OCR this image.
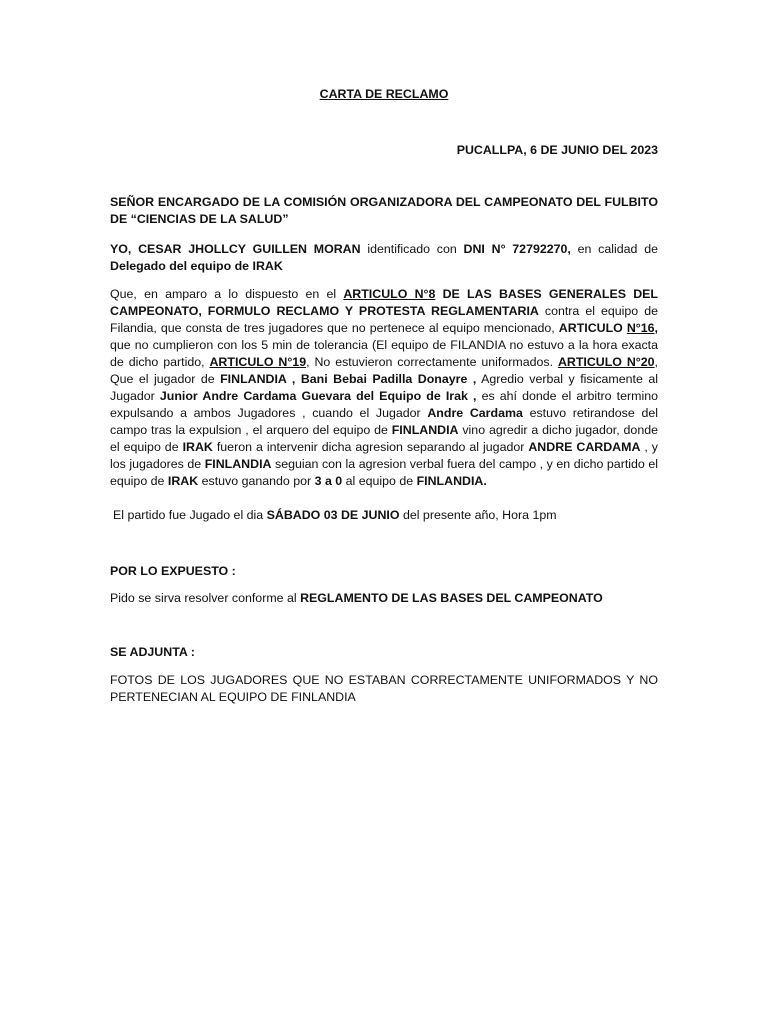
CARTA DE RECLAMO

PUCALLPA, 6 DE JUNIO DEL 2023

SEÑOR ENCARGADO DE LA COMISIÓN ORGANIZADORA DEL CAMPEONATO DEL FULBITO DE “CIENCIAS DE LA SALUD”

YO, CESAR JHOLLCY GUILLEN MORAN identificado con DNI N° 72792270, en calidad de Delegado del equipo de IRAK

Que, en amparo a lo dispuesto en el ARTICULO N°8 DE LAS BASES GENERALES DEL CAMPEONATO, FORMULO RECLAMO Y PROTESTA REGLAMENTARIA contra el equipo de Filandia, que consta de tres jugadores que no pertenece al equipo mencionado, ARTICULO N°16, que no cumplieron con los 5 min de tolerancia (El equipo de FILANDIA no estuvo a la hora exacta de dicho partido, ARTICULO N°19, No estuvieron correctamente uniformados. ARTICULO N°20, Que el jugador de FINLANDIA , Bani Bebai Padilla Donayre , Agredio verbal y fisicamente al Jugador Junior Andre Cardama Guevara del Equipo de Irak , es ahí donde el arbitro termino expulsando a ambos Jugadores , cuando el Jugador Andre Cardama estuvo retirandose del campo tras la expulsion , el arquero del equipo de FINLANDIA vino agredir a dicho jugador, donde el equipo de IRAK fueron a intervenir dicha agresion separando al jugador ANDRE CARDAMA , y los jugadores de FINLANDIA seguian con la agresion verbal fuera del campo , y en dicho partido el equipo de IRAK estuvo ganando por 3 a 0 al equipo de FINLANDIA.

El partido fue Jugado el dia SÁBADO 03 DE JUNIO del presente año, Hora 1pm

POR LO EXPUESTO :

Pido se sirva resolver conforme al REGLAMENTO DE LAS BASES DEL CAMPEONATO

SE ADJUNTA :

FOTOS DE LOS JUGADORES QUE NO ESTABAN CORRECTAMENTE UNIFORMADOS Y NO PERTENECIAN AL EQUIPO DE FINLANDIA
